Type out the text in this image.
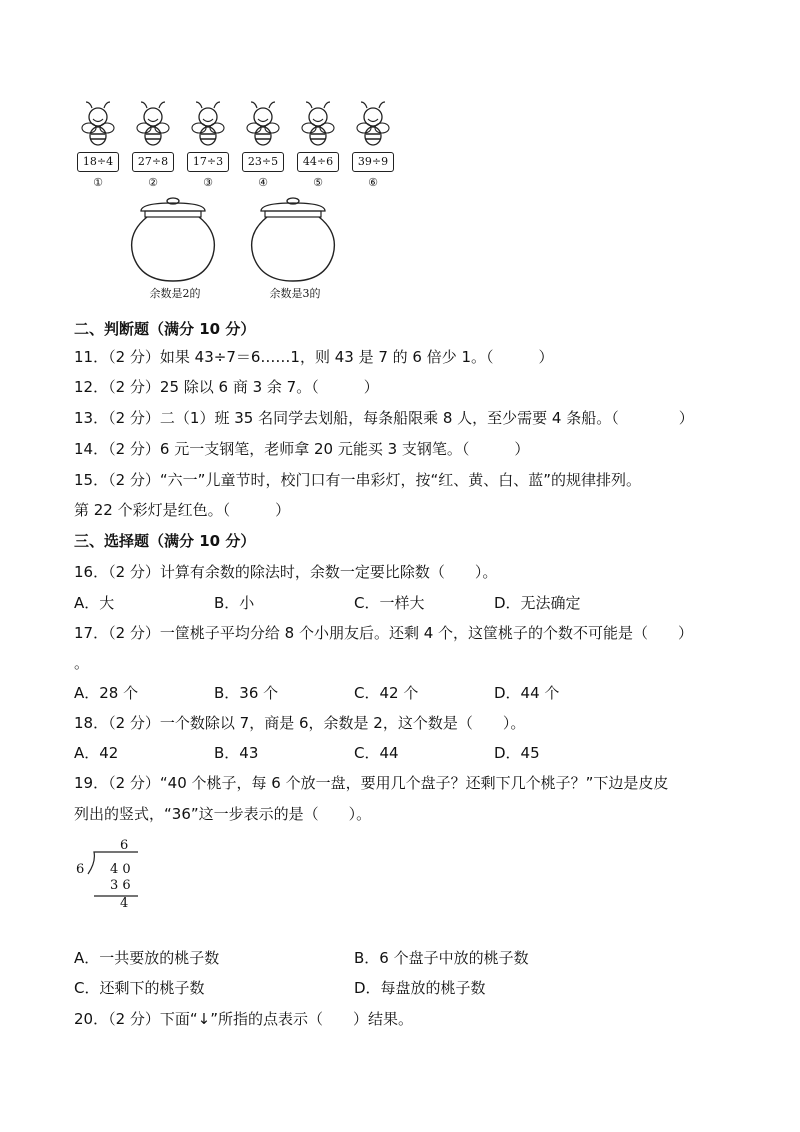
18÷4
①
27÷8
②
17÷3
③
23÷5
④
44÷6
⑤
39÷9
⑥
余数是2的	余数是3的
二、判断题（满分 10 分）
11．（2 分）如果 43÷7＝6……1，则 43 是 7 的 6 倍少 1。（　　　）
12．（2 分）25 除以 6 商 3 余 7。（　　　）
13．（2 分）二（1）班 35 名同学去划船，每条船限乘 8 人，至少需要 4 条船。（　　　　）
14．（2 分）6 元一支钢笔，老师拿 20 元能买 3 支钢笔。（　　　）
15．（2 分）“六一”儿童节时，校门口有一串彩灯，按“红、黄、白、蓝”的规律排列。
第 22 个彩灯是红色。（　　　）
三、选择题（满分 10 分）
16．（2 分）计算有余数的除法时，余数一定要比除数（　　）。
A．大	B．小	C．一样大	D．无法确定
17．（2 分）一筐桃子平均分给 8 个小朋友后。还剩 4 个，这筐桃子的个数不可能是（　　）
。
A．28 个	B．36 个	C．42 个	D．44 个
18．（2 分）一个数除以 7，商是 6，余数是 2，这个数是（　　）。
A．42	B．43	C．44	D．45
19．（2 分）“40 个桃子，每 6 个放一盘，要用几个盘子？还剩下几个桃子？”下边是皮皮
列出的竖式，“36”这一步表示的是（　　）。
6
6 4 0
3 6
4
A．一共要放的桃子数	B．6 个盘子中放的桃子数
C．还剩下的桃子数	D．每盘放的桃子数
20．（2 分）下面“↓”所指的点表示（　　）结果。
